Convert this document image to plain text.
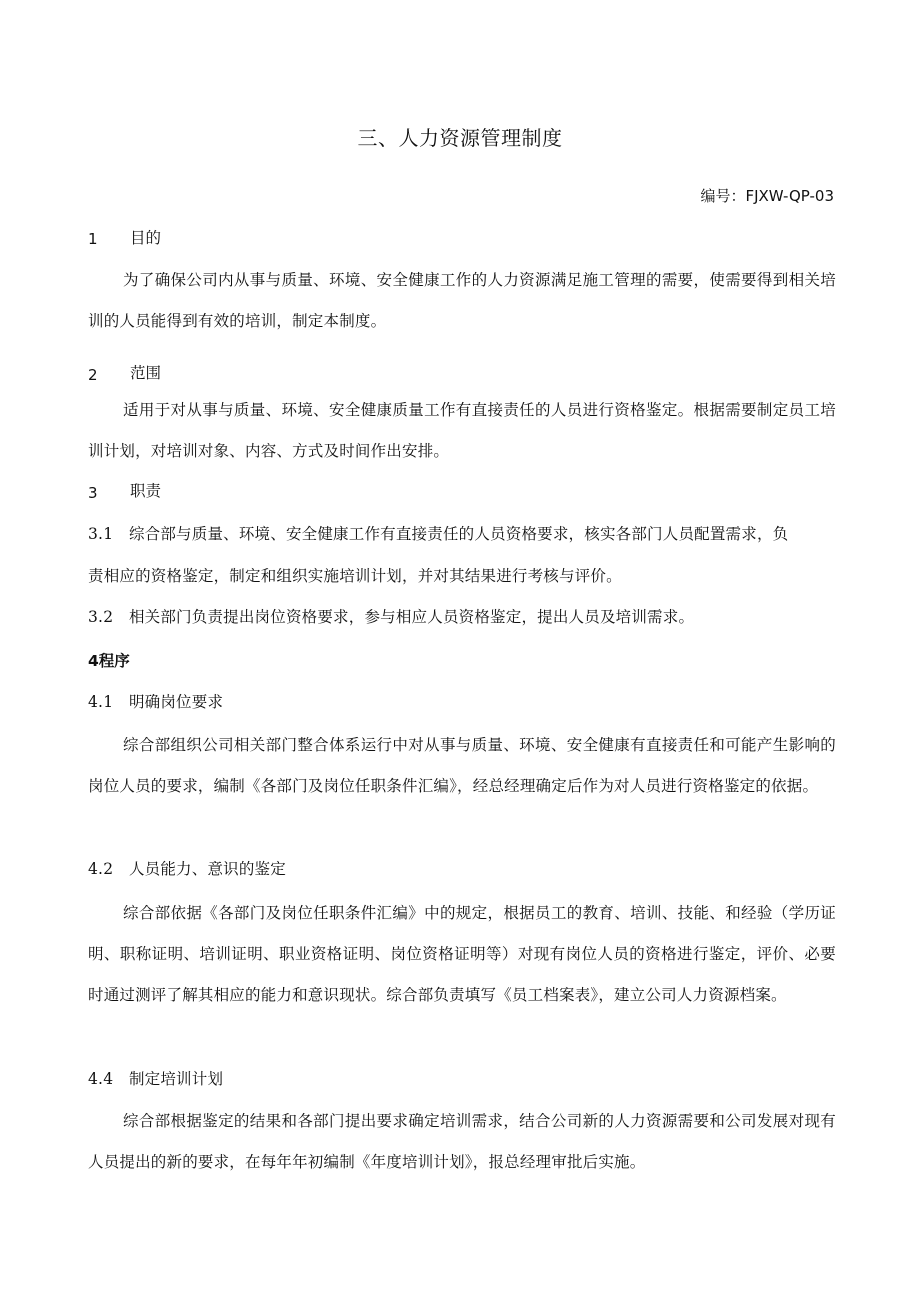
三、人力资源管理制度
编号：FJXW-QP-03
1 目的

为了确保公司内从事与质量、环境、安全健康工作的人力资源满足施工管理的需要，使需要得到相关培训的人员能得到有效的培训，制定本制度。

2 范围

适用于对从事与质量、环境、安全健康质量工作有直接责任的人员进行资格鉴定。根据需要制定员工培训计划，对培训对象、内容、方式及时间作出安排。

3 职责
3.1　综合部与质量、环境、安全健康工作有直接责任的人员资格要求，核实各部门人员配置需求，负
责相应的资格鉴定，制定和组织实施培训计划，并对其结果进行考核与评价。
3.2　相关部门负责提出岗位资格要求，参与相应人员资格鉴定，提出人员及培训需求。
4程序
4.1　明确岗位要求

综合部组织公司相关部门整合体系运行中对从事与质量、环境、安全健康有直接责任和可能产生影响的岗位人员的要求，编制《各部门及岗位任职条件汇编》，经总经理确定后作为对人员进行资格鉴定的依据。

4.2　人员能力、意识的鉴定

综合部依据《各部门及岗位任职条件汇编》中的规定，根据员工的教育、培训、技能、和经验（学历证明、职称证明、培训证明、职业资格证明、岗位资格证明等）对现有岗位人员的资格进行鉴定，评价、必要时通过测评了解其相应的能力和意识现状。综合部负责填写《员工档案表》，建立公司人力资源档案。

4.4　制定培训计划

综合部根据鉴定的结果和各部门提出要求确定培训需求，结合公司新的人力资源需要和公司发展对现有人员提出的新的要求，在每年年初编制《年度培训计划》，报总经理审批后实施。
